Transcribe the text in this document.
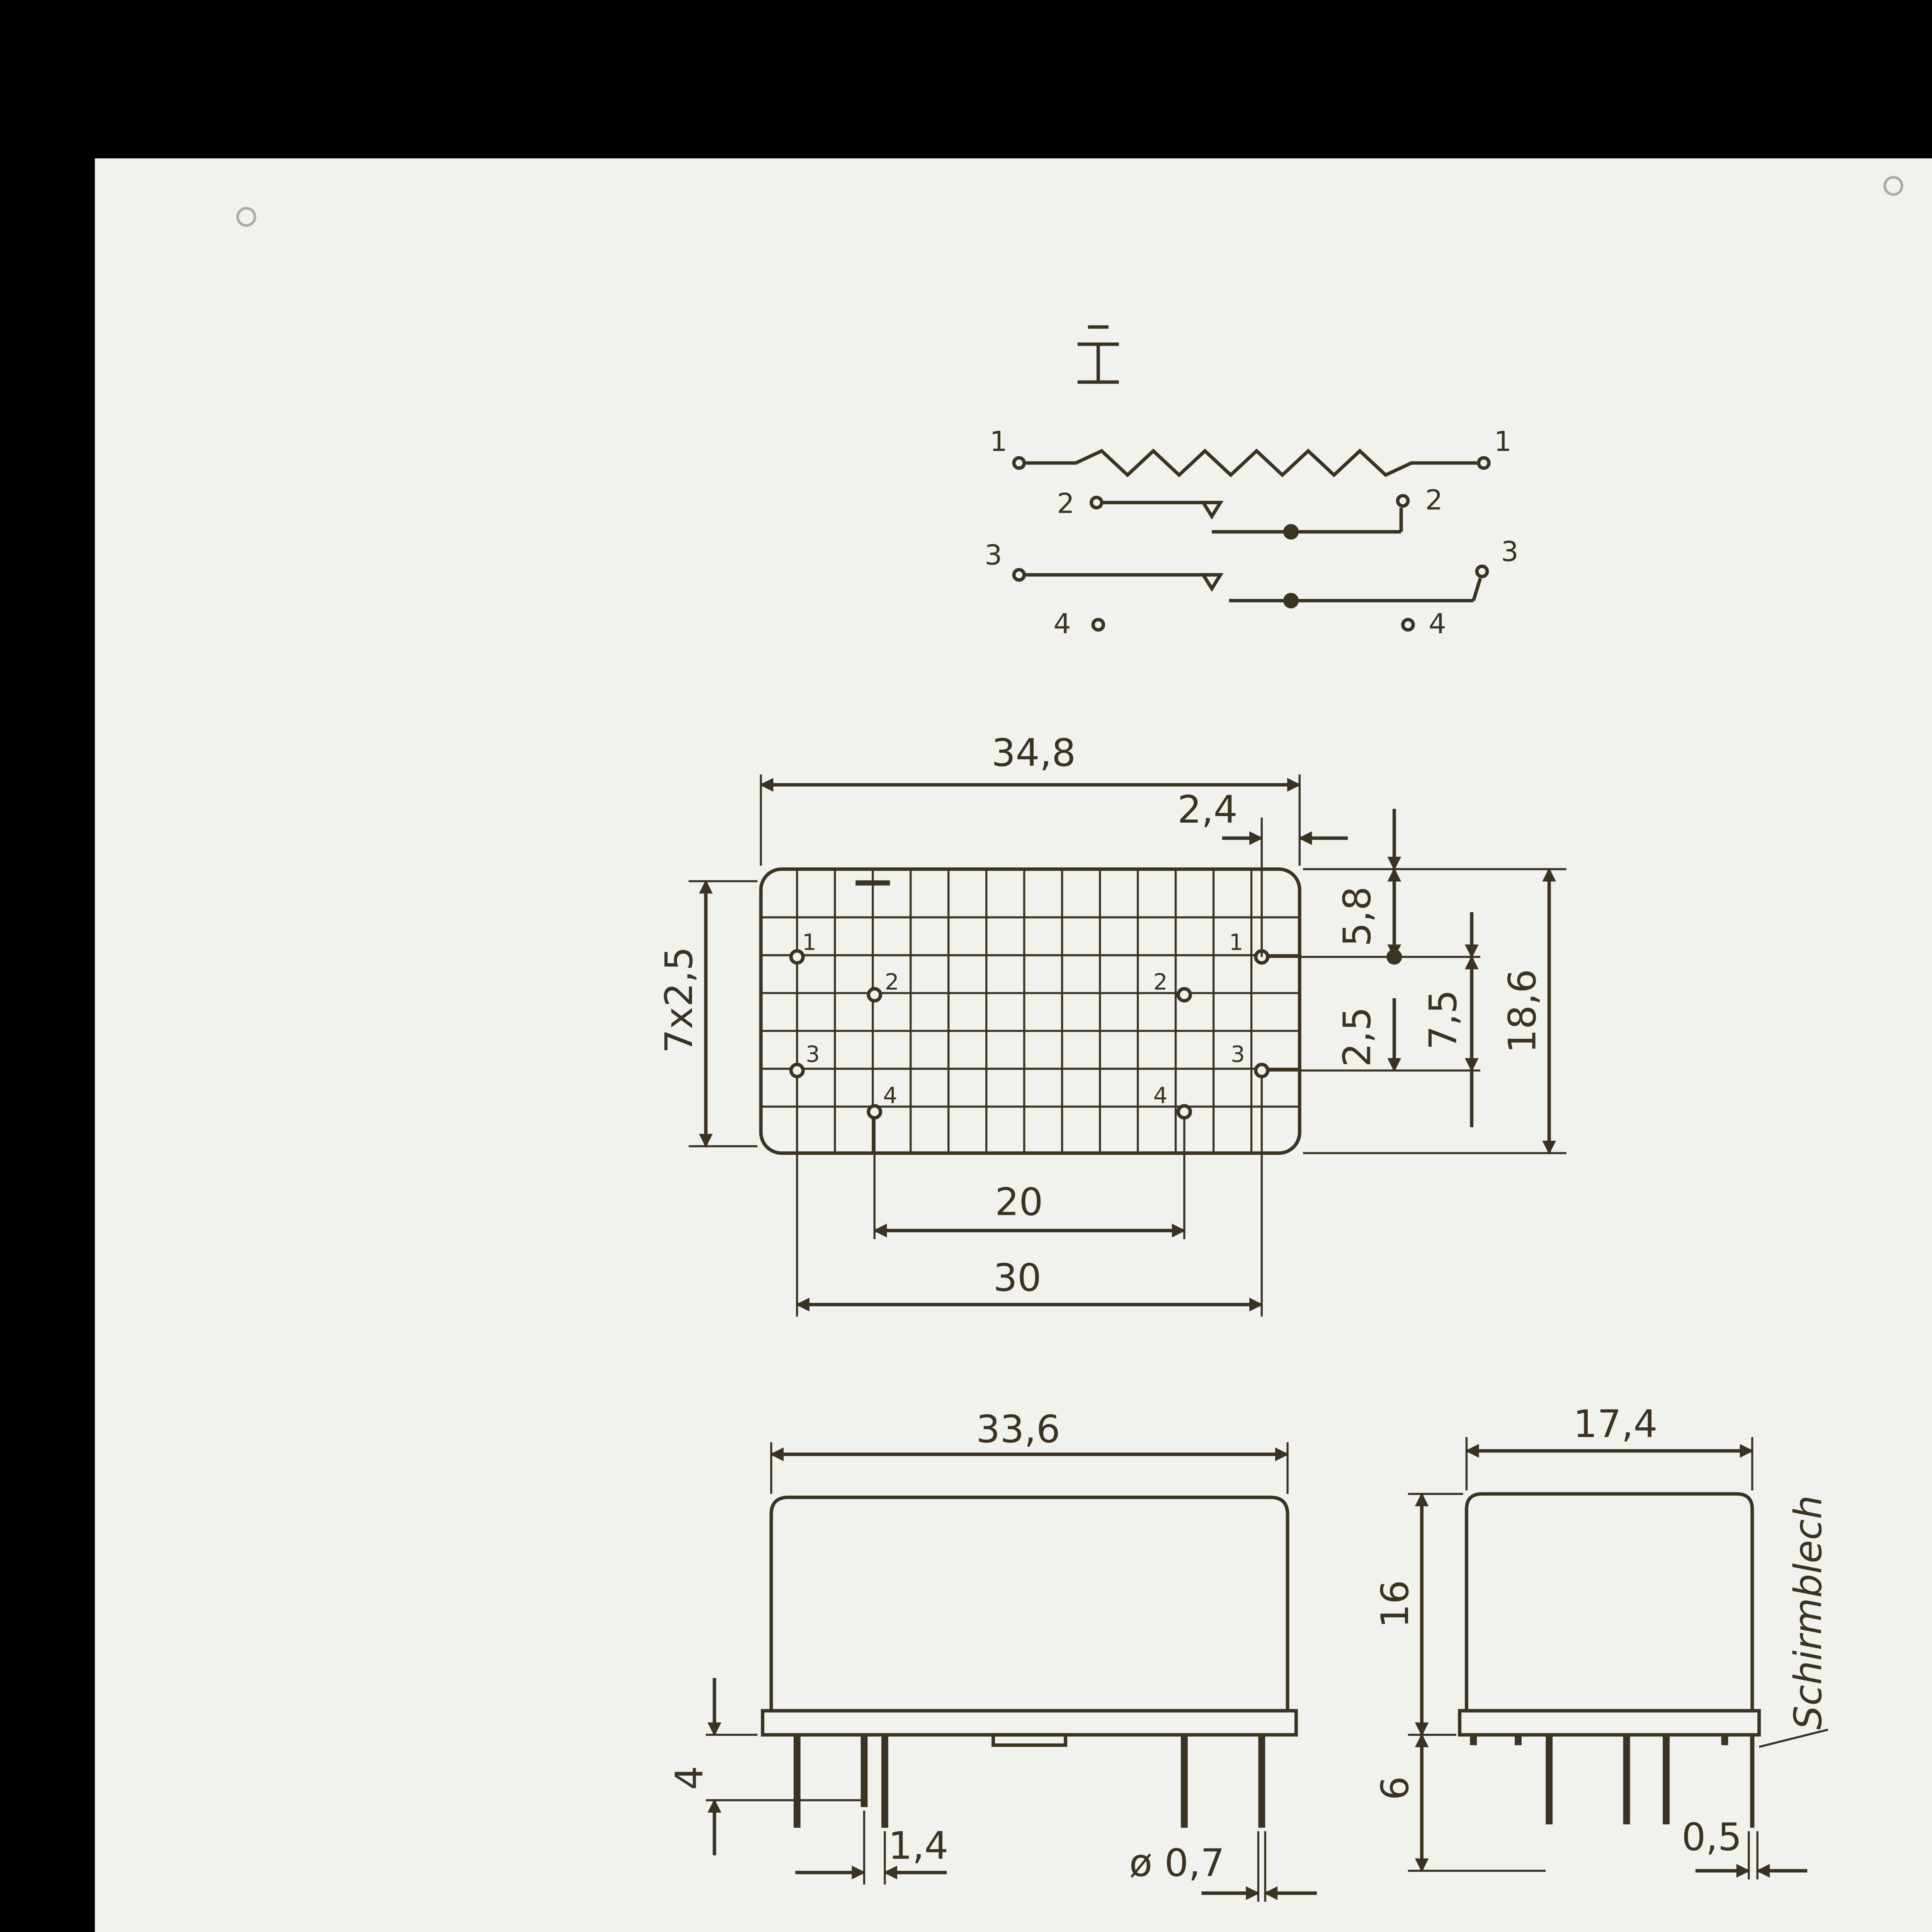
1
2
3
4
1
2
3
4
1
2
3
4
1
2
3
4
34,8
2,4
20
30
7x2,5
5,8
2,5	7,5	18,6
33,6
4
1,4	ø 0,7
17,4
16
6
0,5
Schirmblech
